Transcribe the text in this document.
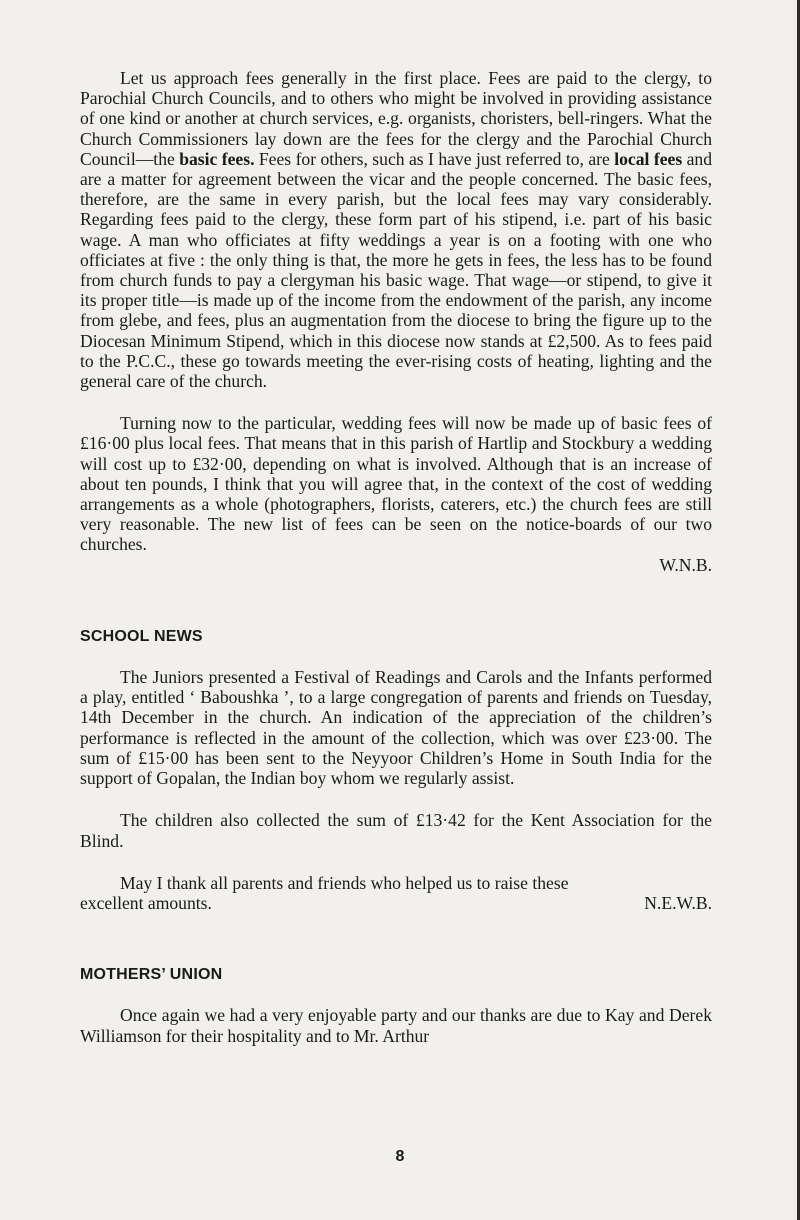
Let us approach fees generally in the first place. Fees are paid to the clergy, to Parochial Church Councils, and to others who might be involved in providing assistance of one kind or another at church services, e.g. organists, choristers, bell-ringers. What the Church Commissioners lay down are the fees for the clergy and the Parochial Church Council—the basic fees. Fees for others, such as I have just referred to, are local fees and are a matter for agreement between the vicar and the people concerned. The basic fees, therefore, are the same in every parish, but the local fees may vary considerably. Regarding fees paid to the clergy, these form part of his stipend, i.e. part of his basic wage. A man who officiates at fifty weddings a year is on a footing with one who officiates at five : the only thing is that, the more he gets in fees, the less has to be found from church funds to pay a clergyman his basic wage. That wage—or stipend, to give it its proper title—is made up of the income from the endowment of the parish, any income from glebe, and fees, plus an augmentation from the diocese to bring the figure up to the Diocesan Minimum Stipend, which in this diocese now stands at £2,500. As to fees paid to the P.C.C., these go towards meeting the ever-rising costs of heating, lighting and the general care of the church.

Turning now to the particular, wedding fees will now be made up of basic fees of £16·00 plus local fees. That means that in this parish of Hartlip and Stockbury a wedding will cost up to £32·00, depending on what is involved. Although that is an increase of about ten pounds, I think that you will agree that, in the context of the cost of wedding arrangements as a whole (photographers, florists, caterers, etc.) the church fees are still very reasonable. The new list of fees can be seen on the notice-boards of our two churches.
W.N.B.

SCHOOL NEWS

The Juniors presented a Festival of Readings and Carols and the Infants performed a play, entitled ‘ Baboushka ’, to a large congregation of parents and friends on Tuesday, 14th December in the church. An indication of the appreciation of the children’s performance is reflected in the amount of the collection, which was over £23·00. The sum of £15·00 has been sent to the Neyyoor Children’s Home in South India for the support of Gopalan, the Indian boy whom we regularly assist.

The children also collected the sum of £13·42 for the Kent Association for the Blind.

May I thank all parents and friends who helped us to raise these

excellent amounts.	N.E.W.B.
MOTHERS’ UNION

Once again we had a very enjoyable party and our thanks are due to Kay and Derek Williamson for their hospitality and to Mr. Arthur

8
